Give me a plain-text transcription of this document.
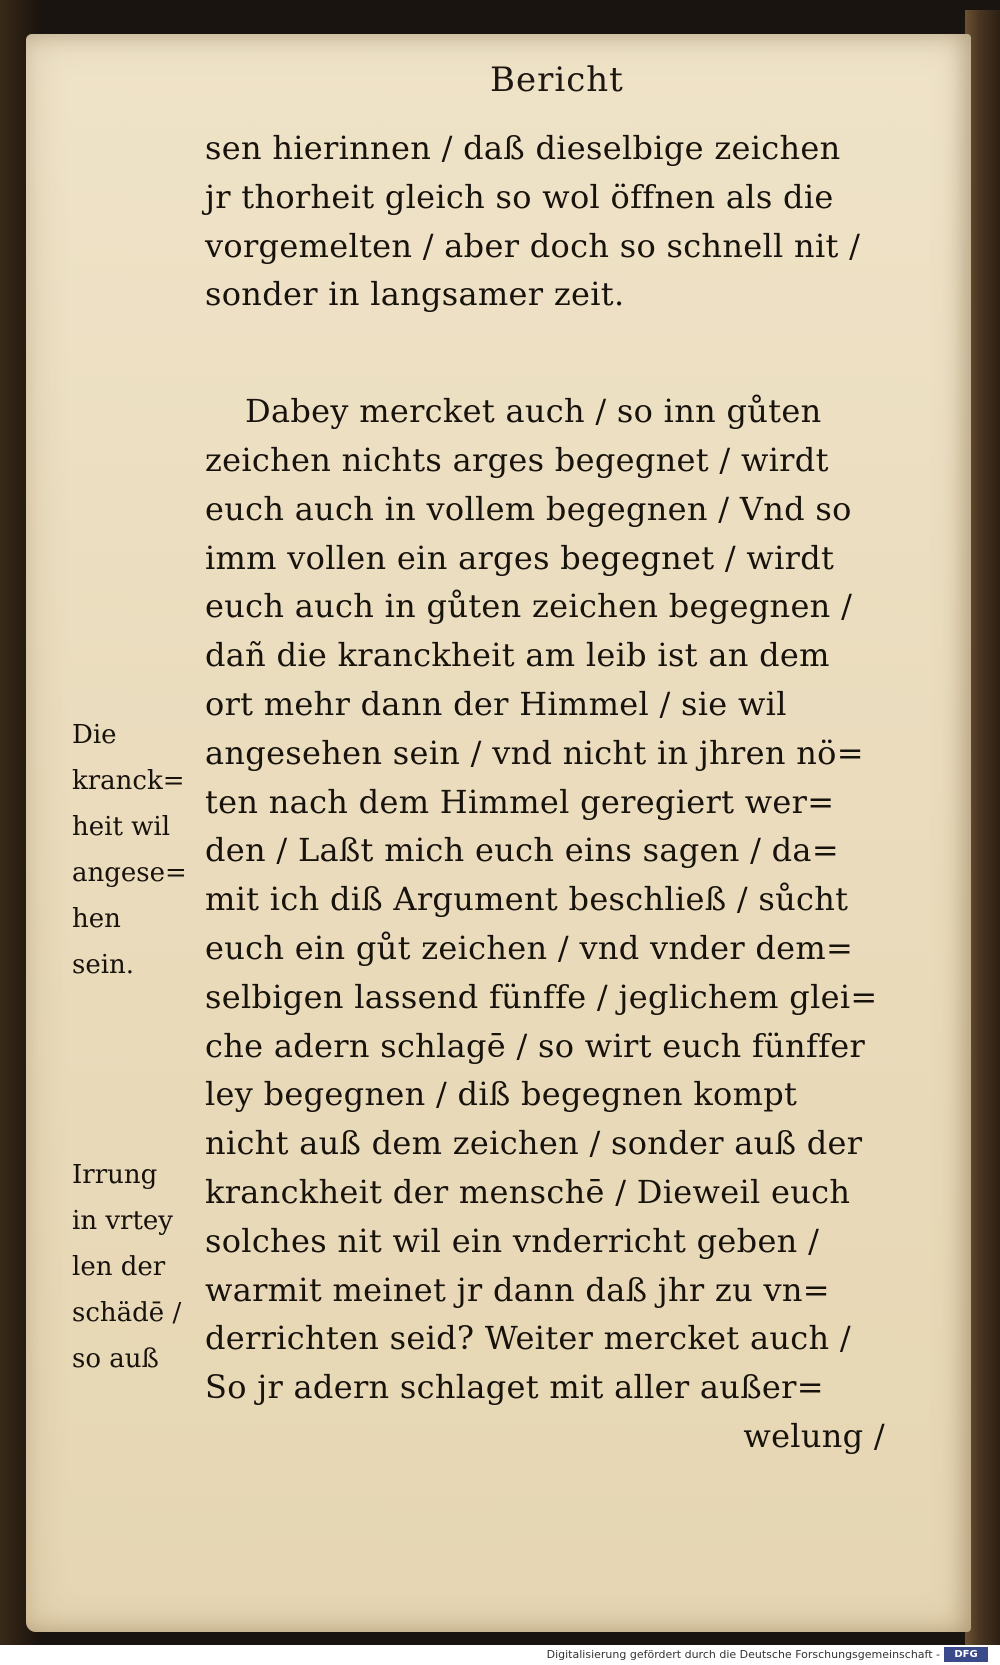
Bericht
sen hierinnen / daß dieselbige zeichen
jr thorheit gleich so wol öffnen als die
vorgemelten / aber doch so schnell nit /
sonder in langsamer zeit.
Dabey mercket auch / so inn gůten
zeichen nichts arges begegnet / wirdt
euch auch in vollem begegnen / Vnd so
imm vollen ein arges begegnet / wirdt
euch auch in gůten zeichen begegnen /
dañ die kranckheit am leib ist an dem
ort mehr dann der Himmel / sie wil
angesehen sein / vnd nicht in jhren nö=
ten nach dem Himmel geregiert wer=
den / Laßt mich euch eins sagen / da=
mit ich diß Argument beschließ / sůcht
euch ein gůt zeichen / vnd vnder dem=
selbigen lassend fünffe / jeglichem glei=
che adern schlagē / so wirt euch fünffer
ley begegnen / diß begegnen kompt
nicht auß dem zeichen / sonder auß der
kranckheit der menschē / Dieweil euch
solches nit wil ein vnderricht geben /
warmit meinet jr dann daß jhr zu vn=
derrichten seid? Weiter mercket auch /
So jr adern schlaget mit aller außer=
welung /
Die
kranck=
heit wil
angese=
hen
sein.
Irrung
in vrtey
len der
schädē /
so auß
Digitalisierung gefördert durch die Deutsche Forschungsgemeinschaft -	DFG
